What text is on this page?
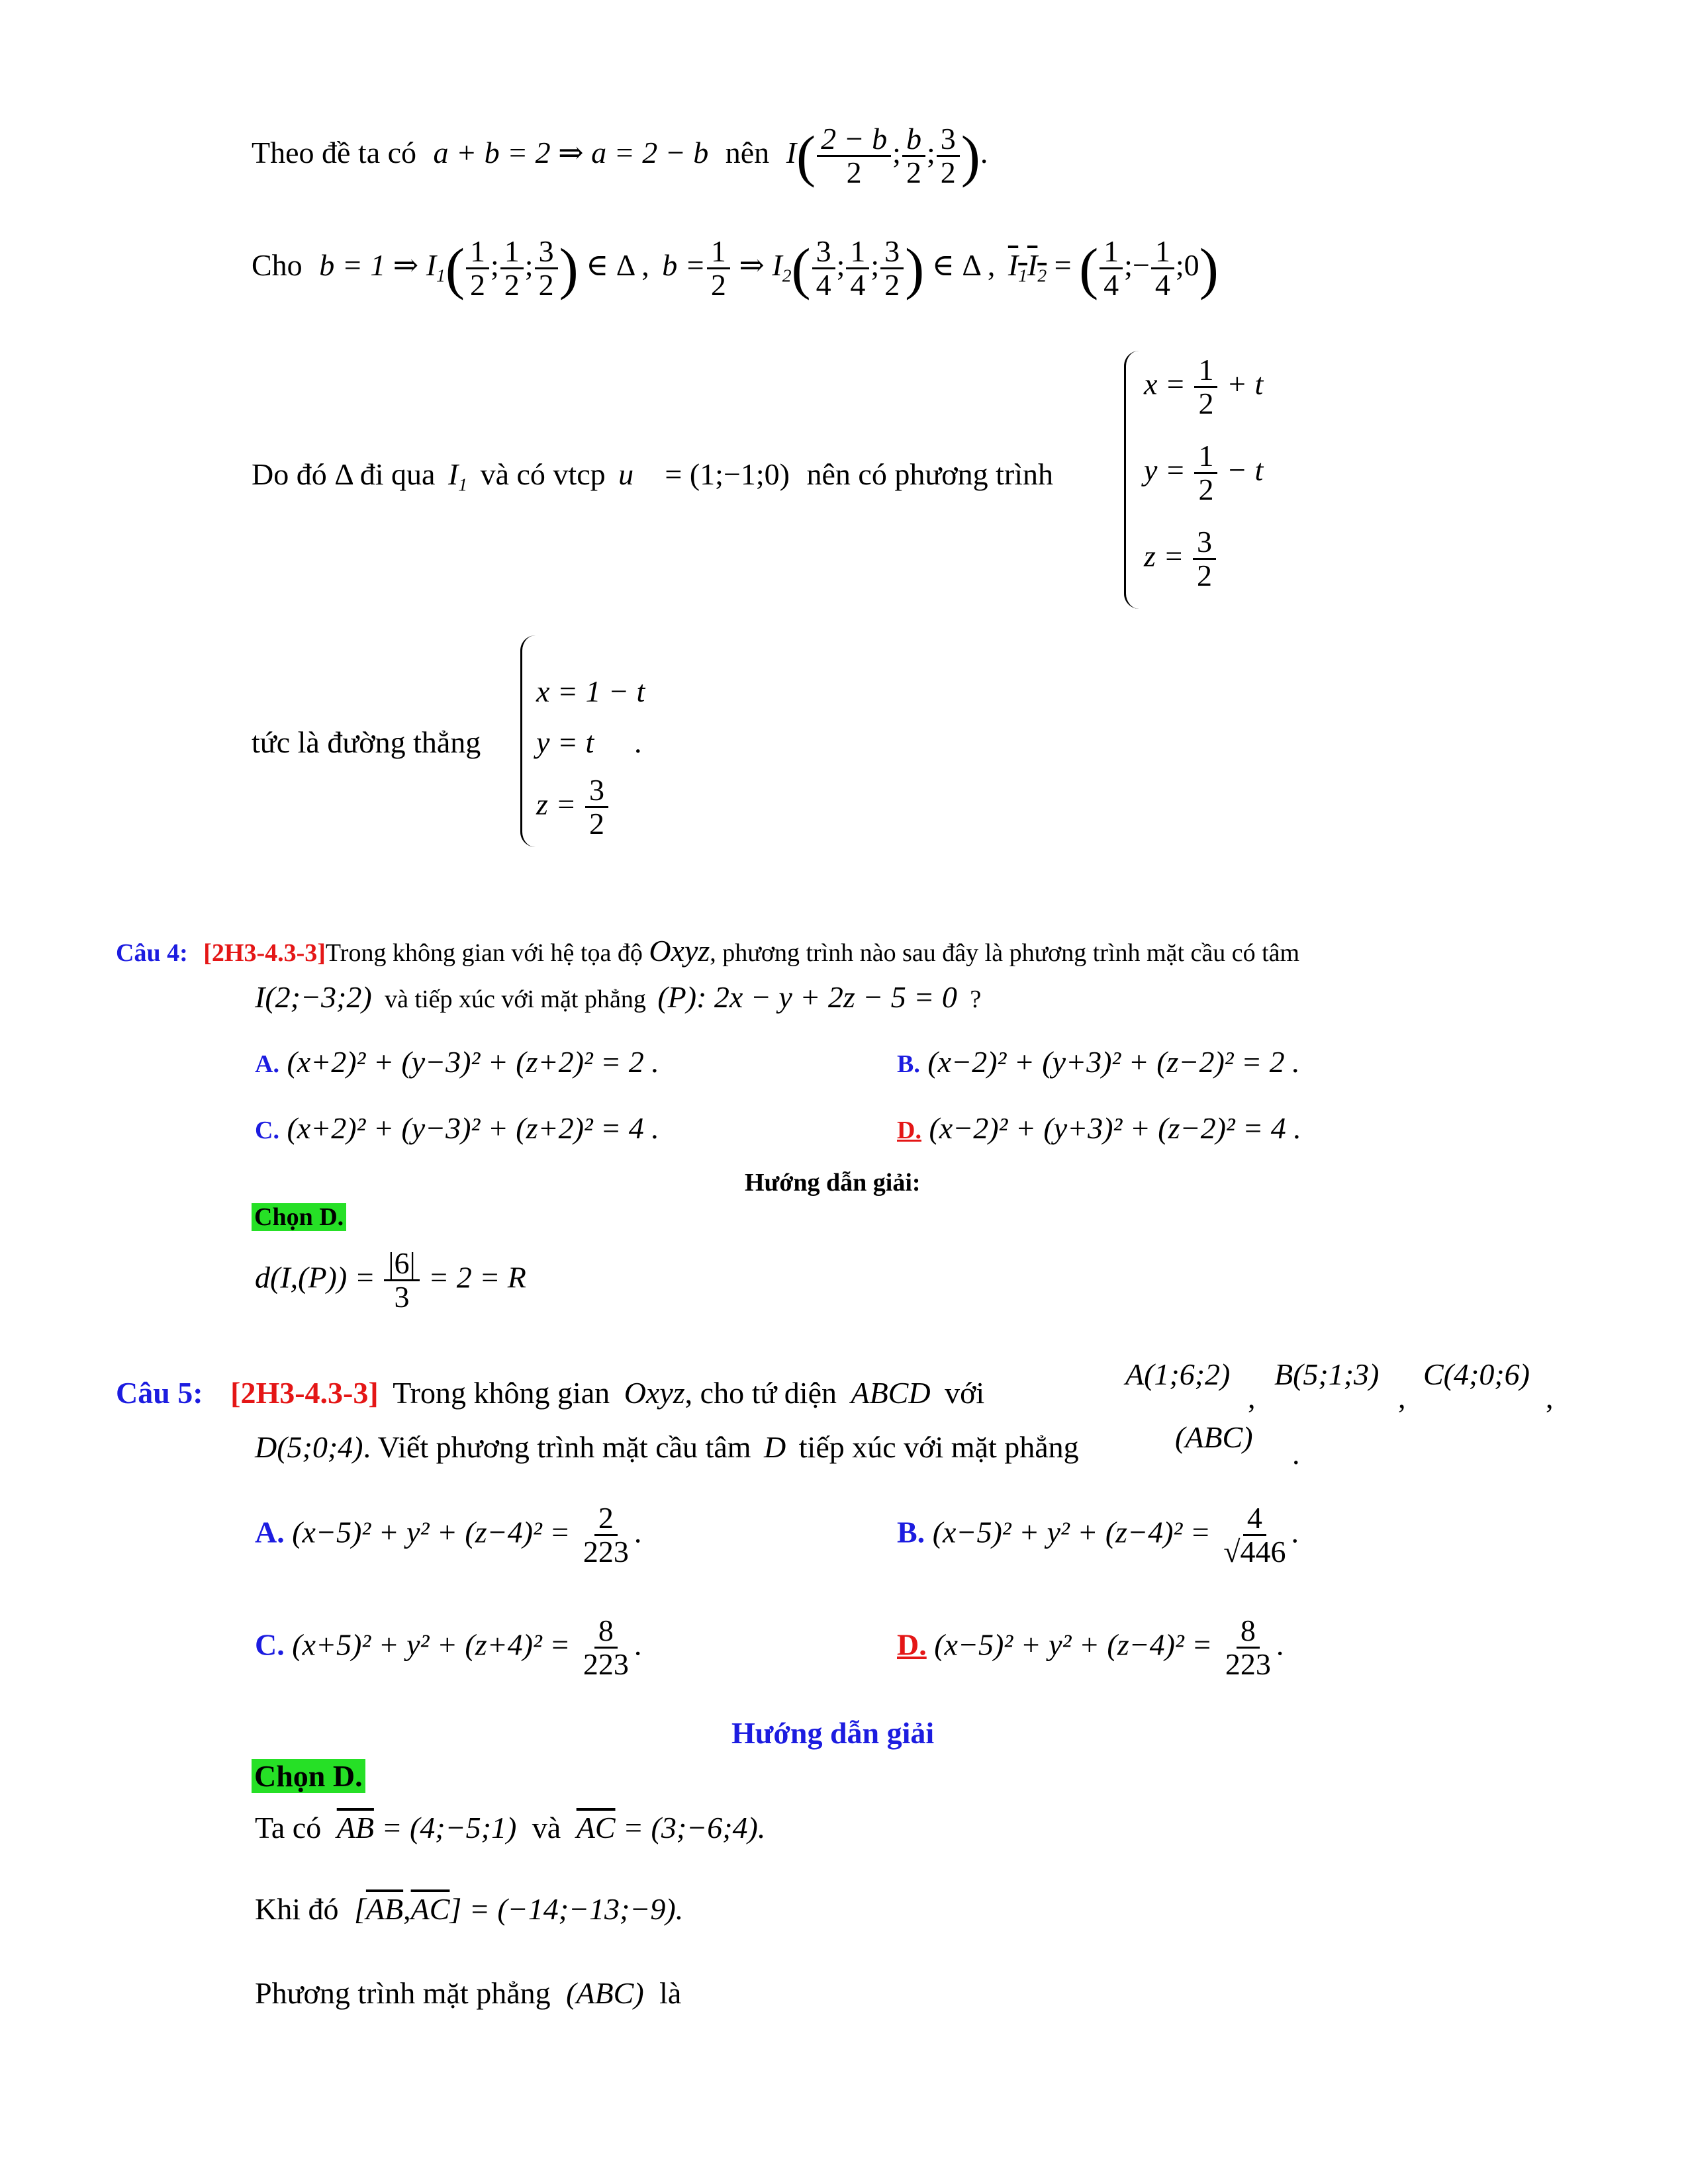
Theo đề ta có a + b = 2 ⇒ a = 2 − b nên $I( \frac{2 - b}{2}$ ; $\frac{b}{2}$ ; $\frac{3}{2}$ ).
Cho b = 1 ⇒ $I_1( \frac{1}{2}$ ; $\frac{1}{2}$ ; $\frac{3}{2}$ ) ∈ Δ , $b = \frac{1}{2}$ ⇒ $I_2( \frac{3}{4}$ ; $\frac{1}{4}$ ; $\frac{3}{2}$ ) ∈ Δ , $I_1I_2$ = ( $\frac{1}{4}$ ;− $\frac{1}{4}$ ;0)
$x = \frac{1}{2} + t$
$y = \frac{1}{2} - t$
$z = \frac{3}{2}$
Do đó Δ đi qua $I_1$ và có vtcp u⃗ = (1;−1;0) nên có phương trình
x = 1 − t
y = t
$z = \frac{3}{2}$
tức là đường thẳng	.
Câu 4: [2H3-4.3-3]Trong không gian với hệ tọa độ Oxyz, phương trình nào sau đây là phương trình mặt cầu có tâm
I(2;−3;2) và tiếp xúc với mặt phẳng (P): 2x − y + 2z − 5 = 0 ?
A. (x+2)² + (y−3)² + (z+2)² = 2 .	B. (x−2)² + (y+3)² + (z−2)² = 2 .
C. (x+2)² + (y−3)² + (z+2)² = 4 .	D. (x−2)² + (y+3)² + (z−2)² = 4 .
Hướng dẫn giải:
Chọn D.
$d(I,(P)) = \frac{|6|}{3} = 2 = R$
Câu 5: [2H3-4.3-3] Trong không gian Oxyz, cho tứ diện ABCD với
A(1;6;2)
,
B(5;1;3)
,
C(4;0;6)
,
D(5;0;4). Viết phương trình mặt cầu tâm D tiếp xúc với mặt phẳng	(ABC) .
A. $(x-5)^2 + y^2 + (z-4)^2 = \frac{2}{223}$ .	B. $(x-5)^2 + y^2 + (z-4)^2 = \frac{4}{√446}$ .
C. $(x+5)^2 + y^2 + (z+4)^2 = \frac{8}{223}$ .	D. $(x-5)^2 + y^2 + (z-4)^2 = \frac{8}{223}$ .
Hướng dẫn giải
Chọn D.
Ta có $\overline{AB}$ = (4;−5;1) và $\overline{AC}$ = (3;−6;4).
Khi đó $[\overline{AB},\overline{AC}]$ = (−14;−13;−9).
Phương trình mặt phẳng (ABC) là
